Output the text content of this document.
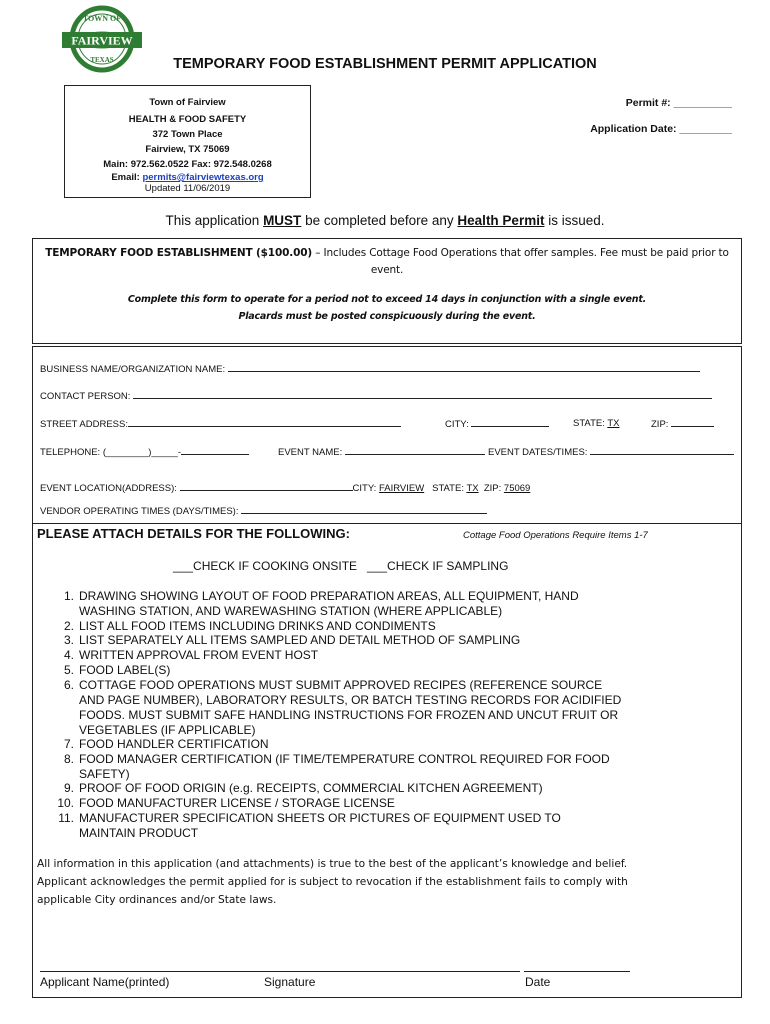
FAIRVIEW
TOWN OF
TEXAS	TEMPORARY FOOD ESTABLISHMENT PERMIT APPLICATION
Town of Fairview
HEALTH & FOOD SAFETY
372 Town Place
Fairview, TX 75069
Main: 972.562.0522 Fax: 972.548.0268
Email: permits@fairviewtexas.org
Updated 11/06/2019
Permit #: __________
Application Date: _________
This application MUST be completed before any Health Permit is issued.
TEMPORARY FOOD ESTABLISHMENT ($100.00) – Includes Cottage Food Operations that offer samples. Fee must be paid prior to event.
Complete this form to operate for a period not to exceed 14 days in conjunction with a single event.
Placards must be posted conspicuously during the event.
BUSINESS NAME/ORGANIZATION NAME:
CONTACT PERSON:
STREET ADDRESS:	CITY:	STATE: TX	ZIP:
TELEPHONE: (________)_____-	EVENT NAME:	EVENT DATES/TIMES:
EVENT LOCATION(ADDRESS):	CITY: FAIRVIEW STATE: TX ZIP: 75069
VENDOR OPERATING TIMES (DAYS/TIMES):
PLEASE ATTACH DETAILS FOR THE FOLLOWING:	Cottage Food Operations Require Items 1-7
___CHECK IF COOKING ONSITE   ___CHECK IF SAMPLING
1. DRAWING SHOWING LAYOUT OF FOOD PREPARATION AREAS, ALL EQUIPMENT, HAND
WASHING STATION, AND WAREWASHING STATION (WHERE APPLICABLE)
2. LIST ALL FOOD ITEMS INCLUDING DRINKS AND CONDIMENTS
3. LIST SEPARATELY ALL ITEMS SAMPLED AND DETAIL METHOD OF SAMPLING
4. WRITTEN APPROVAL FROM EVENT HOST
5. FOOD LABEL(S)
6. COTTAGE FOOD OPERATIONS MUST SUBMIT APPROVED RECIPES (REFERENCE SOURCE
AND PAGE NUMBER), LABORATORY RESULTS, OR BATCH TESTING RECORDS FOR ACIDIFIED
FOODS. MUST SUBMIT SAFE HANDLING INSTRUCTIONS FOR FROZEN AND UNCUT FRUIT OR
VEGETABLES (IF APPLICABLE)
7. FOOD HANDLER CERTIFICATION
8. FOOD MANAGER CERTIFICATION (IF TIME/TEMPERATURE CONTROL REQUIRED FOR FOOD
SAFETY)
9. PROOF OF FOOD ORIGIN (e.g. RECEIPTS, COMMERCIAL KITCHEN AGREEMENT)
10. FOOD MANUFACTURER LICENSE / STORAGE LICENSE
11. MANUFACTURER SPECIFICATION SHEETS OR PICTURES OF EQUIPMENT USED TO
MAINTAIN PRODUCT
All information in this application (and attachments) is true to the best of the applicant’s knowledge and belief.
Applicant acknowledges the permit applied for is subject to revocation if the establishment fails to comply with
applicable City ordinances and/or State laws.
Applicant Name(printed)	Signature	Date
